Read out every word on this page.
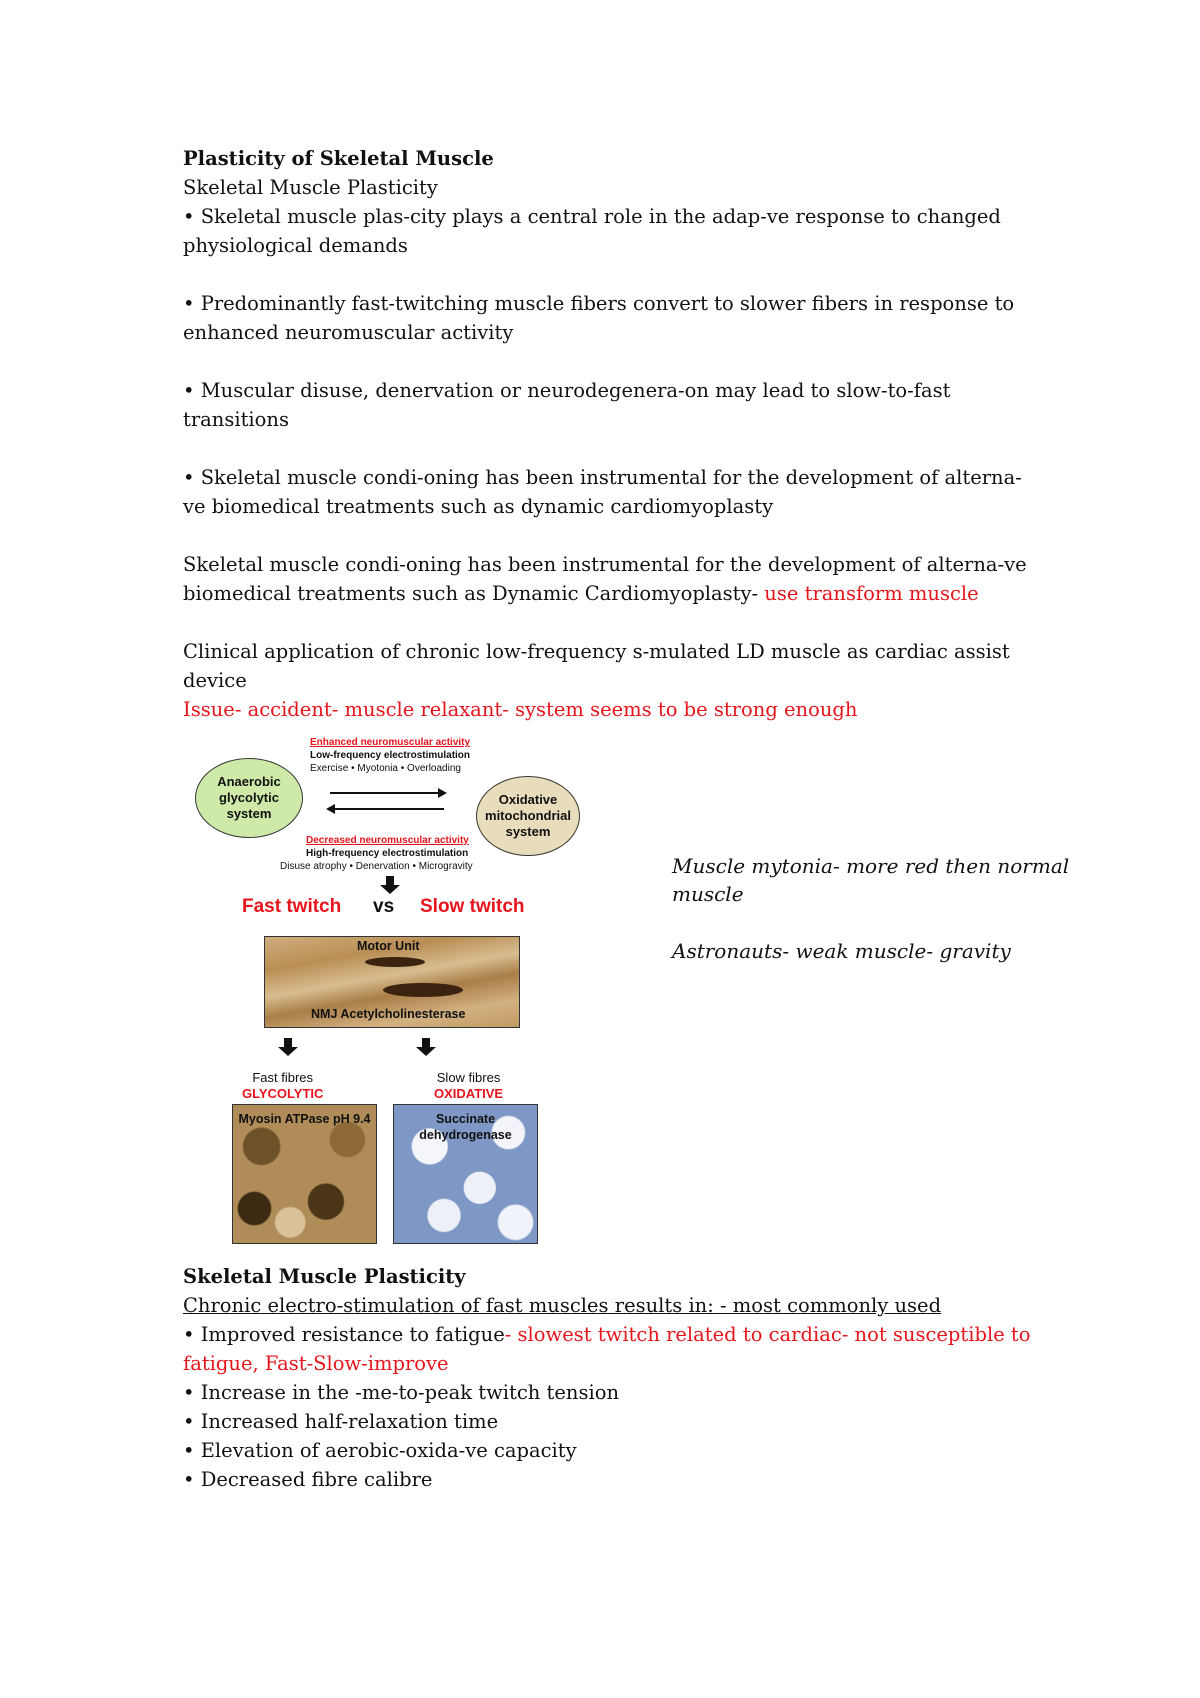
Plasticity of Skeletal Muscle

Skeletal Muscle Plasticity

• Skeletal muscle plas-city plays a central role in the adap-ve response to changed physiological demands

• Predominantly fast-twitching muscle fibers convert to slower fibers in response to enhanced neuromuscular activity

• Muscular disuse, denervation or neurodegenera-on may lead to slow-to-fast transitions

• Skeletal muscle condi-oning has been instrumental for the development of alterna-ve biomedical treatments such as dynamic cardiomyoplasty

Skeletal muscle condi-oning has been instrumental for the development of alterna-ve biomedical treatments such as Dynamic Cardiomyoplasty- use transform muscle

Clinical application of chronic low-frequency s-mulated LD muscle as cardiac assist device

Issue- accident- muscle relaxant- system seems to be strong enough

Enhanced neuromuscular activity
Low-frequency electrostimulation
Exercise • Myotonia • Overloading
Anaerobic glycolytic system
Oxidative mitochondrial system
Decreased neuromuscular activity
High-frequency electrostimulation
Disuse atrophy • Denervation • Microgravity
Fast twitch vs Slow twitch
Motor Unit
NMJ Acetylcholinesterase
Fast fibres
GLYCOLYTIC
Slow fibres
OXIDATIVE
Myosin ATPase pH 9.4	Succinate dehydrogenase

Muscle mytonia- more red then normal muscle

Astronauts- weak muscle- gravity

Skeletal Muscle Plasticity

Chronic electro-stimulation of fast muscles results in: - most commonly used

• Improved resistance to fatigue- slowest twitch related to cardiac- not susceptible to fatigue, Fast-Slow-improve

• Increase in the -me-to-peak twitch tension

• Increased half-relaxation time

• Elevation of aerobic-oxida-ve capacity

• Decreased fibre calibre
